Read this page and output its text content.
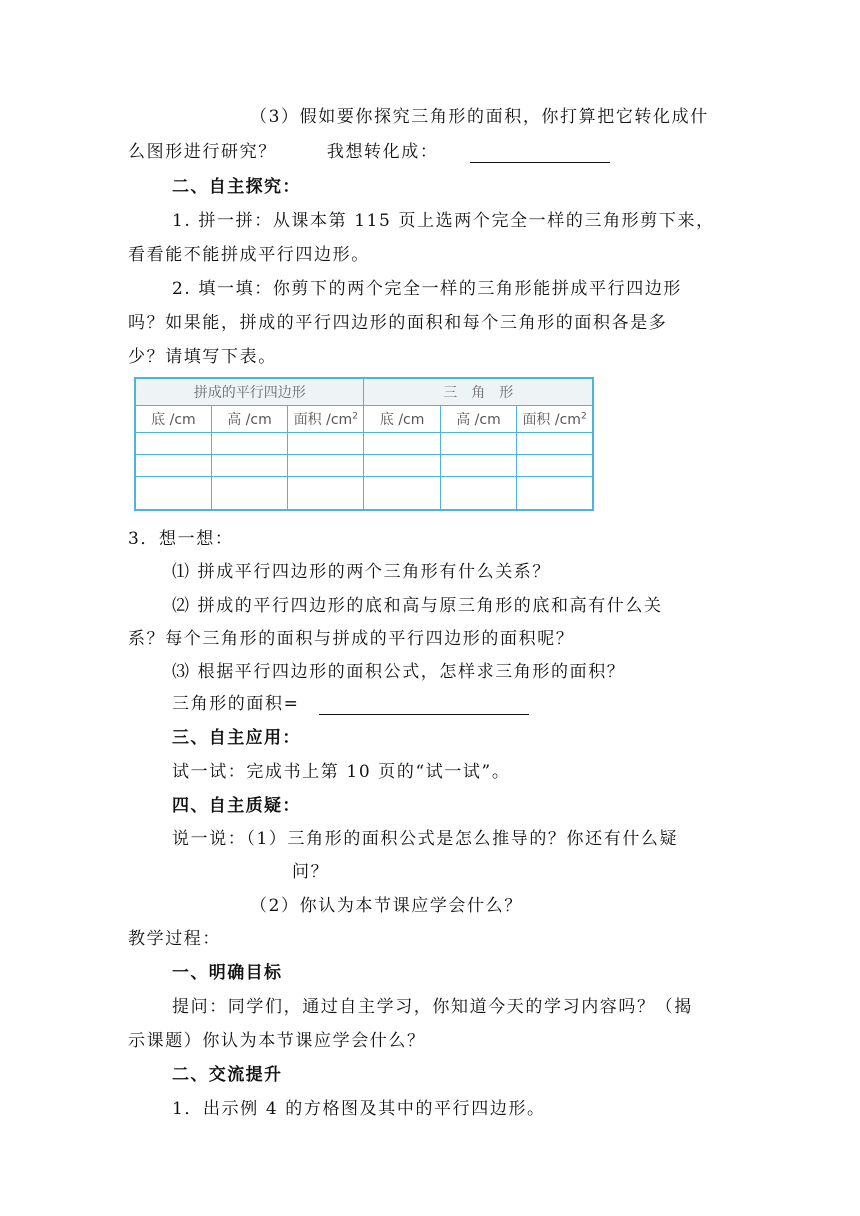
（3）假如要你探究三角形的面积，你打算把它转化成什
么图形进行研究？	我想转化成：
二、自主探究：
1. 拼一拼：从课本第 115 页上选两个完全一样的三角形剪下来，
看看能不能拼成平行四边形。
2. 填一填：你剪下的两个完全一样的三角形能拼成平行四边形
吗？如果能，拼成的平行四边形的面积和每个三角形的面积各是多
少？请填写下表。
拼成的平行四边形			三　角　形		
底 /cm	高 /cm	面积 $/cm^2$	底 /cm	高 /cm	面积 $/cm^2$

3．想一想：
⑴ 拼成平行四边形的两个三角形有什么关系？
⑵ 拼成的平行四边形的底和高与原三角形的底和高有什么关
系？每个三角形的面积与拼成的平行四边形的面积呢？
⑶ 根据平行四边形的面积公式，怎样求三角形的面积？
三角形的面积=
三、自主应用：
试一试：完成书上第 10 页的“试一试”。
四、自主质疑：
说一说：（1）三角形的面积公式是怎么推导的？你还有什么疑
问？
（2）你认为本节课应学会什么？
教学过程：
一、明确目标
提问：同学们，通过自主学习，你知道今天的学习内容吗？（揭
示课题）你认为本节课应学会什么？
二、交流提升
1．出示例 4 的方格图及其中的平行四边形。
